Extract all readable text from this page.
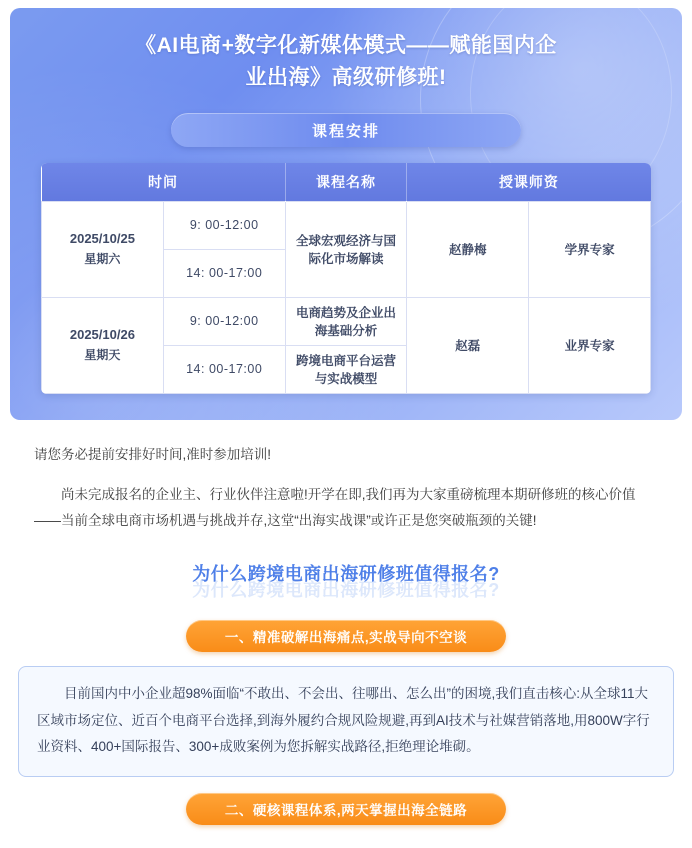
《AI电商+数字化新媒体模式——赋能国内企
业出海》高级研修班!
课程安排
时间		课程名称	授课师资	
2025/10/25
星期六	9: 00-12:00	全球宏观经济与国际化市场解读	赵静梅	学界专家
	14: 00-17:00			
2025/10/26
星期天	9: 00-12:00	电商趋势及企业出海基础分析	赵磊	业界专家
	14: 00-17:00	跨境电商平台运营与实战模型		

请您务必提前安排好时间,准时参加培训!

尚未完成报名的企业主、行业伙伴注意啦!开学在即,我们再为大家重磅梳理本期研修班的核心价值——当前全球电商市场机遇与挑战并存,这堂“出海实战课”或许正是您突破瓶颈的关键!

为什么跨境电商出海研修班值得报名?
为什么跨境电商出海研修班值得报名?
一、精准破解出海痛点,实战导向不空谈

目前国内中小企业超98%面临“不敢出、不会出、往哪出、怎么出”的困境,我们直击核心:从全球11大区域市场定位、近百个电商平台选择,到海外履约合规风险规避,再到AI技术与社媒营销落地,用800W字行业资料、400+国际报告、300+成败案例为您拆解实战路径,拒绝理论堆砌。

二、硬核课程体系,两天掌握出海全链路
